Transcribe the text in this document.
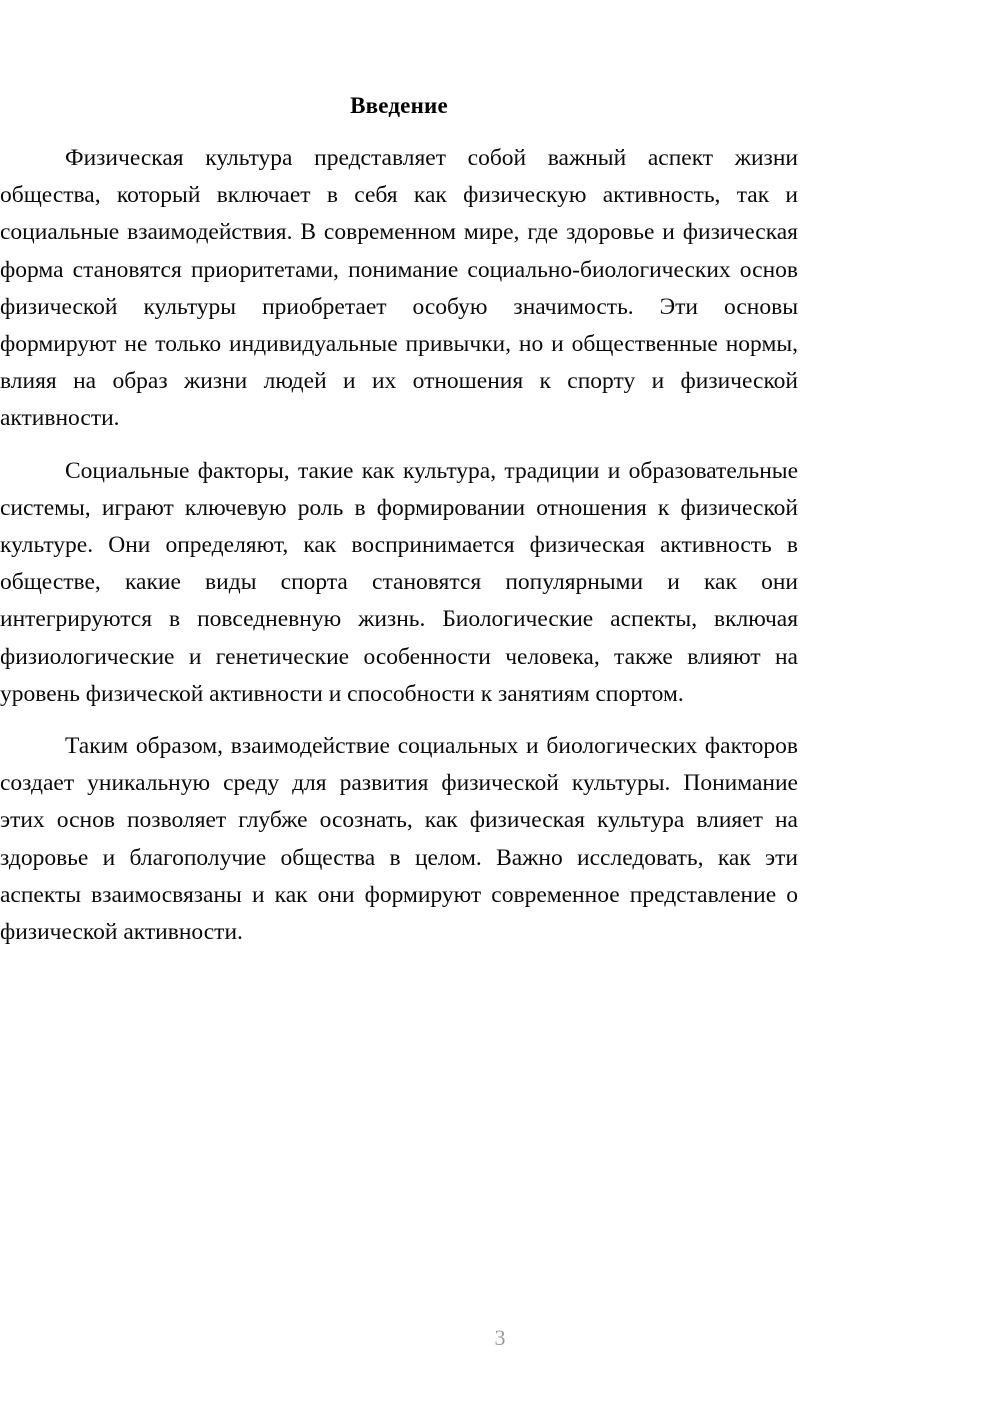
Введение

Физическая культура представляет собой важный аспект жизни общества, который включает в себя как физическую активность, так и социальные взаимодействия. В современном мире, где здоровье и физическая форма становятся приоритетами, понимание социально-биологических основ физической культуры приобретает особую значимость. Эти основы формируют не только индивидуальные привычки, но и общественные нормы, влияя на образ жизни людей и их отношения к спорту и физической активности.

Социальные факторы, такие как культура, традиции и образовательные системы, играют ключевую роль в формировании отношения к физической культуре. Они определяют, как воспринимается физическая активность в обществе, какие виды спорта становятся популярными и как они интегрируются в повседневную жизнь. Биологические аспекты, включая физиологические и генетические особенности человека, также влияют на уровень физической активности и способности к занятиям спортом.

Таким образом, взаимодействие социальных и биологических факторов создает уникальную среду для развития физической культуры. Понимание этих основ позволяет глубже осознать, как физическая культура влияет на здоровье и благополучие общества в целом. Важно исследовать, как эти аспекты взаимосвязаны и как они формируют современное представление о физической активности.

3
